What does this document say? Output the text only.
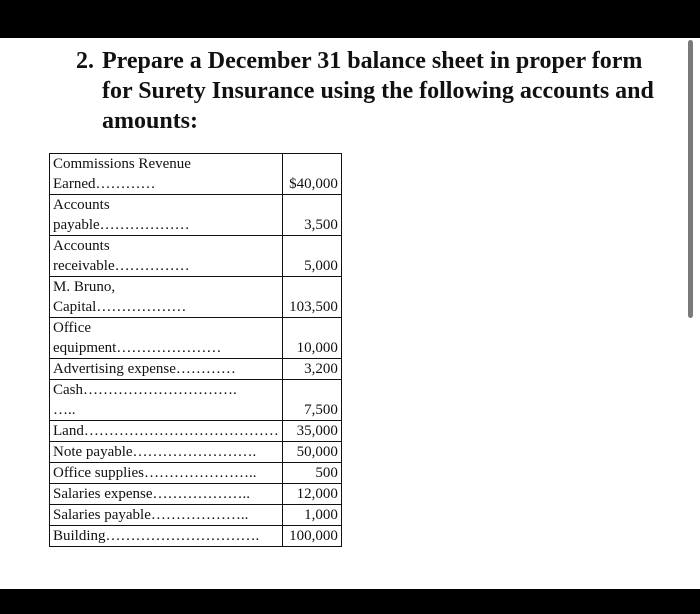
2. Prepare a December 31 balance sheet in proper form
for Surety Insurance using the following accounts and
amounts:
Commissions Revenue
Earned…………	$40,000
Accounts
payable………………	3,500
Accounts
receivable……………	5,000
M. Bruno,
Capital………………	103,500
Office
equipment…………………	10,000
Advertising expense…………	3,200
Cash………………………….
…..	7,500
Land…………………………………	35,000
Note payable…………………….	50,000
Office supplies…………………..	500
Salaries expense………………..	12,000
Salaries payable………………..	1,000
Building………………………….	100,000
